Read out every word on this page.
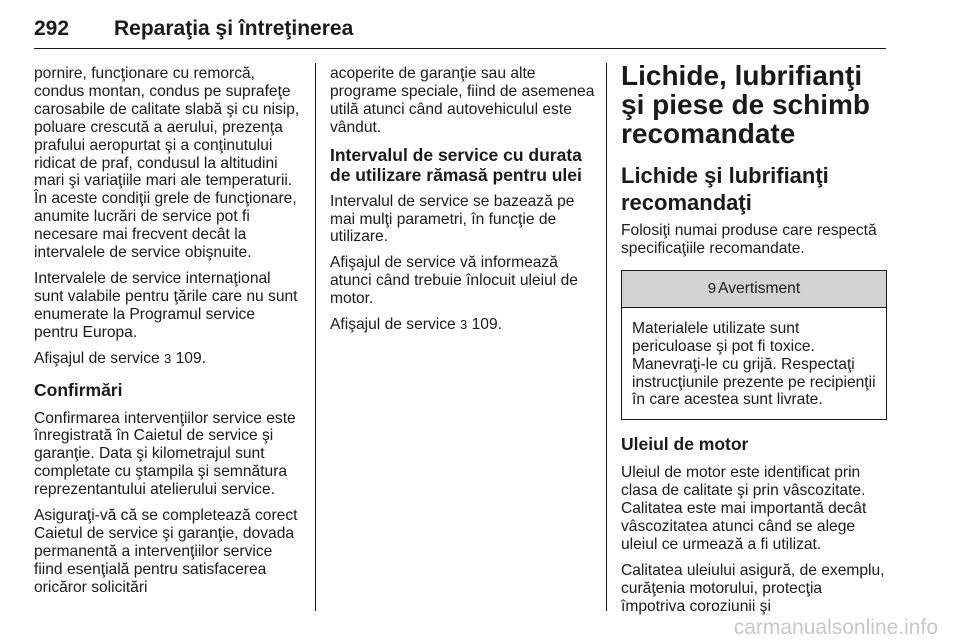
292 Reparaţia şi întreţinerea

pornire, funcţionare cu remorcă, condus montan, condus pe suprafeţe carosabile de calitate slabă şi cu nisip, poluare crescută a aerului, prezenţa prafului aeropurtat şi a conţinutului ridicat de praf, condusul la altitudini mari şi variaţiile mari ale temperaturii. În aceste condiţii grele de funcţionare, anumite lucrări de service pot fi necesare mai frecvent decât la intervalele de service obişnuite.

Intervalele de service internaţional sunt valabile pentru ţările care nu sunt enumerate la Programul service pentru Europa.

Afişajul de service 3 109.

Confirmări

Confirmarea intervenţiilor service este înregistrată în Caietul de service şi garanţie. Data şi kilometrajul sunt completate cu ştampila şi semnătura reprezentantului atelierului service.

Asiguraţi-vă că se completează corect Caietul de service şi garanţie, dovada permanentă a intervenţiilor service fiind esenţială pentru satisfacerea oricăror solicitări

acoperite de garanţie sau alte programe speciale, fiind de asemenea utilă atunci când autovehiculul este vândut.

Intervalul de service cu durata de utilizare rămasă pentru ulei

Intervalul de service se bazează pe mai mulţi parametri, în funcţie de utilizare.

Afişajul de service vă informează atunci când trebuie înlocuit uleiul de motor.

Afişajul de service 3 109.

Lichide, lubrifianţi şi piese de schimb recomandate
Lichide şi lubrifianţi recomandaţi

Folosiţi numai produse care respectă specificaţiile recomandate.

9 Avertisment
Materialele utilizate sunt periculoase şi pot fi toxice. Manevraţi-le cu grijă. Respectaţi instrucţiunile prezente pe recipienţii în care acestea sunt livrate.
Uleiul de motor

Uleiul de motor este identificat prin clasa de calitate şi prin vâscozitate. Calitatea este mai importantă decât vâscozitatea atunci când se alege uleiul ce urmează a fi utilizat.

Calitatea uleiului asigură, de exemplu, curăţenia motorului, protecţia împotriva coroziunii şi

carmanualsonline.info
